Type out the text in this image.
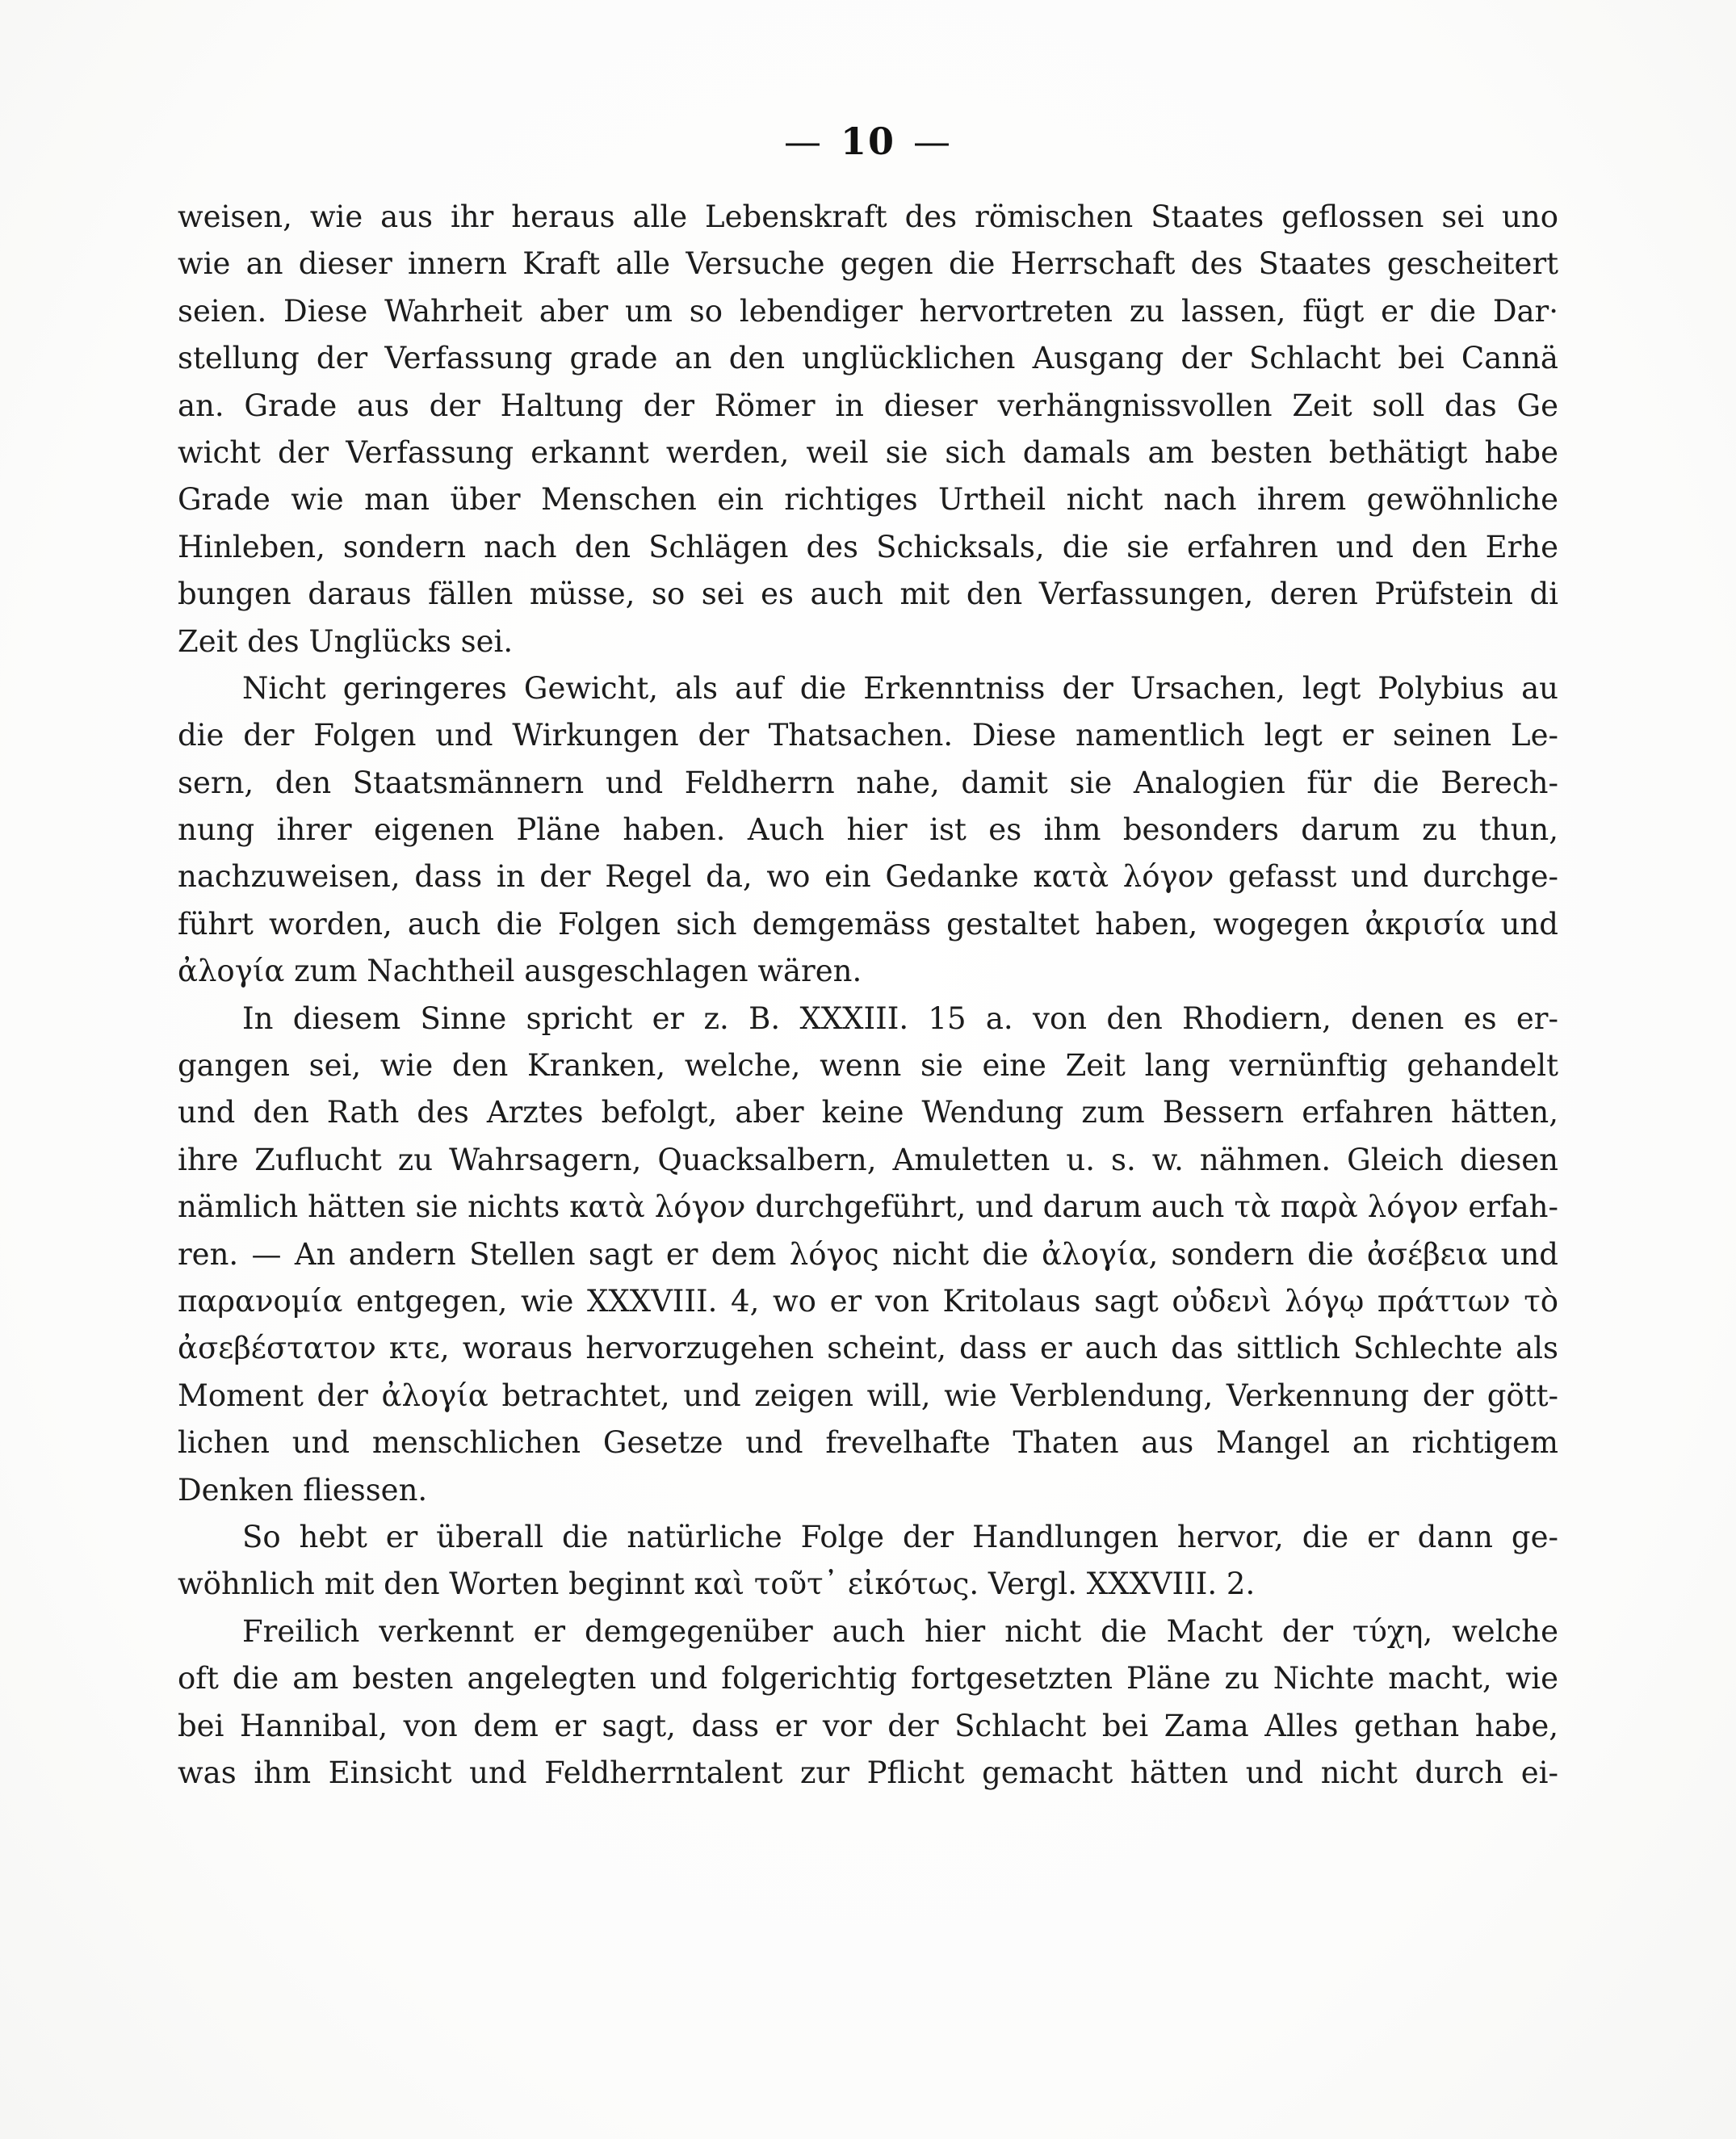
— 10 —
weisen, wie aus ihr heraus alle Lebenskraft des römischen Staates geflossen sei uno
wie an dieser innern Kraft alle Versuche gegen die Herrschaft des Staates gescheitert
seien. Diese Wahrheit aber um so lebendiger hervortreten zu lassen, fügt er die Dar·
stellung der Verfassung grade an den unglücklichen Ausgang der Schlacht bei Cannä
an. Grade aus der Haltung der Römer in dieser verhängnissvollen Zeit soll das Ge
wicht der Verfassung erkannt werden, weil sie sich damals am besten bethätigt habe
Grade wie man über Menschen ein richtiges Urtheil nicht nach ihrem gewöhnliche
Hinleben, sondern nach den Schlägen des Schicksals, die sie erfahren und den Erhe
bungen daraus fällen müsse, so sei es auch mit den Verfassungen, deren Prüfstein di
Zeit des Unglücks sei.
Nicht geringeres Gewicht, als auf die Erkenntniss der Ursachen, legt Polybius au
die der Folgen und Wirkungen der Thatsachen. Diese namentlich legt er seinen Le-
sern, den Staatsmännern und Feldherrn nahe, damit sie Analogien für die Berech-
nung ihrer eigenen Pläne haben. Auch hier ist es ihm besonders darum zu thun,
nachzuweisen, dass in der Regel da, wo ein Gedanke κατὰ λόγον gefasst und durchge-
führt worden, auch die Folgen sich demgemäss gestaltet haben, wogegen ἀκρισία und
ἀλογία zum Nachtheil ausgeschlagen wären.
In diesem Sinne spricht er z. B. XXXIII. 15 a. von den Rhodiern, denen es er-
gangen sei, wie den Kranken, welche, wenn sie eine Zeit lang vernünftig gehandelt
und den Rath des Arztes befolgt, aber keine Wendung zum Bessern erfahren hätten,
ihre Zuflucht zu Wahrsagern, Quacksalbern, Amuletten u. s. w. nähmen. Gleich diesen
nämlich hätten sie nichts κατὰ λόγον durchgeführt, und darum auch τὰ παρὰ λόγον erfah-
ren. — An andern Stellen sagt er dem λόγος nicht die ἀλογία, sondern die ἀσέβεια und
παρανομία entgegen, wie XXXVIII. 4, wo er von Kritolaus sagt οὐδενὶ λόγῳ πράττων τὸ
ἀσεβέστατον κτε, woraus hervorzugehen scheint, dass er auch das sittlich Schlechte als
Moment der ἀλογία betrachtet, und zeigen will, wie Verblendung, Verkennung der gött-
lichen und menschlichen Gesetze und frevelhafte Thaten aus Mangel an richtigem
Denken fliessen.
So hebt er überall die natürliche Folge der Handlungen hervor, die er dann ge-
wöhnlich mit den Worten beginnt καὶ τοῦτ᾽ εἰκότως. Vergl. XXXVIII. 2.
Freilich verkennt er demgegenüber auch hier nicht die Macht der τύχη, welche
oft die am besten angelegten und folgerichtig fortgesetzten Pläne zu Nichte macht, wie
bei Hannibal, von dem er sagt, dass er vor der Schlacht bei Zama Alles gethan habe,
was ihm Einsicht und Feldherrntalent zur Pflicht gemacht hätten und nicht durch ei-
